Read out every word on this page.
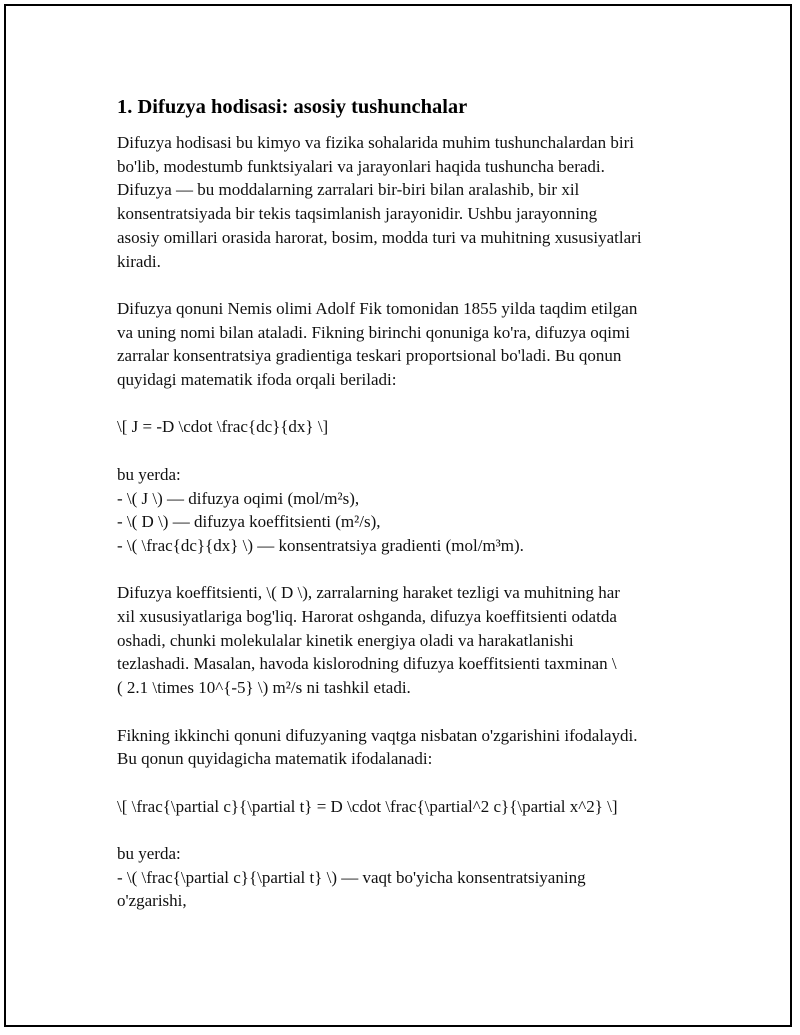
1. Difuzya hodisasi: asosiy tushunchalar
Difuzya hodisasi bu kimyo va fizika sohalarida muhim tushunchalardan biri
bo'lib, modestumb funktsiyalari va jarayonlari haqida tushuncha beradi.
Difuzya — bu moddalarning zarralari bir-biri bilan aralashib, bir xil
konsentratsiyada bir tekis taqsimlanish jarayonidir. Ushbu jarayonning
asosiy omillari orasida harorat, bosim, modda turi va muhitning xususiyatlari
kiradi.
Difuzya qonuni Nemis olimi Adolf Fik tomonidan 1855 yilda taqdim etilgan
va uning nomi bilan ataladi. Fikning birinchi qonuniga ko'ra, difuzya oqimi
zarralar konsentratsiya gradientiga teskari proportsional bo'ladi. Bu qonun
quyidagi matematik ifoda orqali beriladi:
\[ J = -D \cdot \frac{dc}{dx} \]
bu yerda:
- \( J \) — difuzya oqimi (mol/m²s),
- \( D \) — difuzya koeffitsienti (m²/s),
- \( \frac{dc}{dx} \) — konsentratsiya gradienti (mol/m³m).
Difuzya koeffitsienti, \( D \), zarralarning haraket tezligi va muhitning har
xil xususiyatlariga bog'liq. Harorat oshganda, difuzya koeffitsienti odatda
oshadi, chunki molekulalar kinetik energiya oladi va harakatlanishi
tezlashadi. Masalan, havoda kislorodning difuzya koeffitsienti taxminan \
( 2.1 \times 10^{-5} \) m²/s ni tashkil etadi.
Fikning ikkinchi qonuni difuzyaning vaqtga nisbatan o'zgarishini ifodalaydi.
Bu qonun quyidagicha matematik ifodalanadi:
\[ \frac{\partial c}{\partial t} = D \cdot \frac{\partial^2 c}{\partial x^2} \]
bu yerda:
- \( \frac{\partial c}{\partial t} \) — vaqt bo'yicha konsentratsiyaning
o'zgarishi,
